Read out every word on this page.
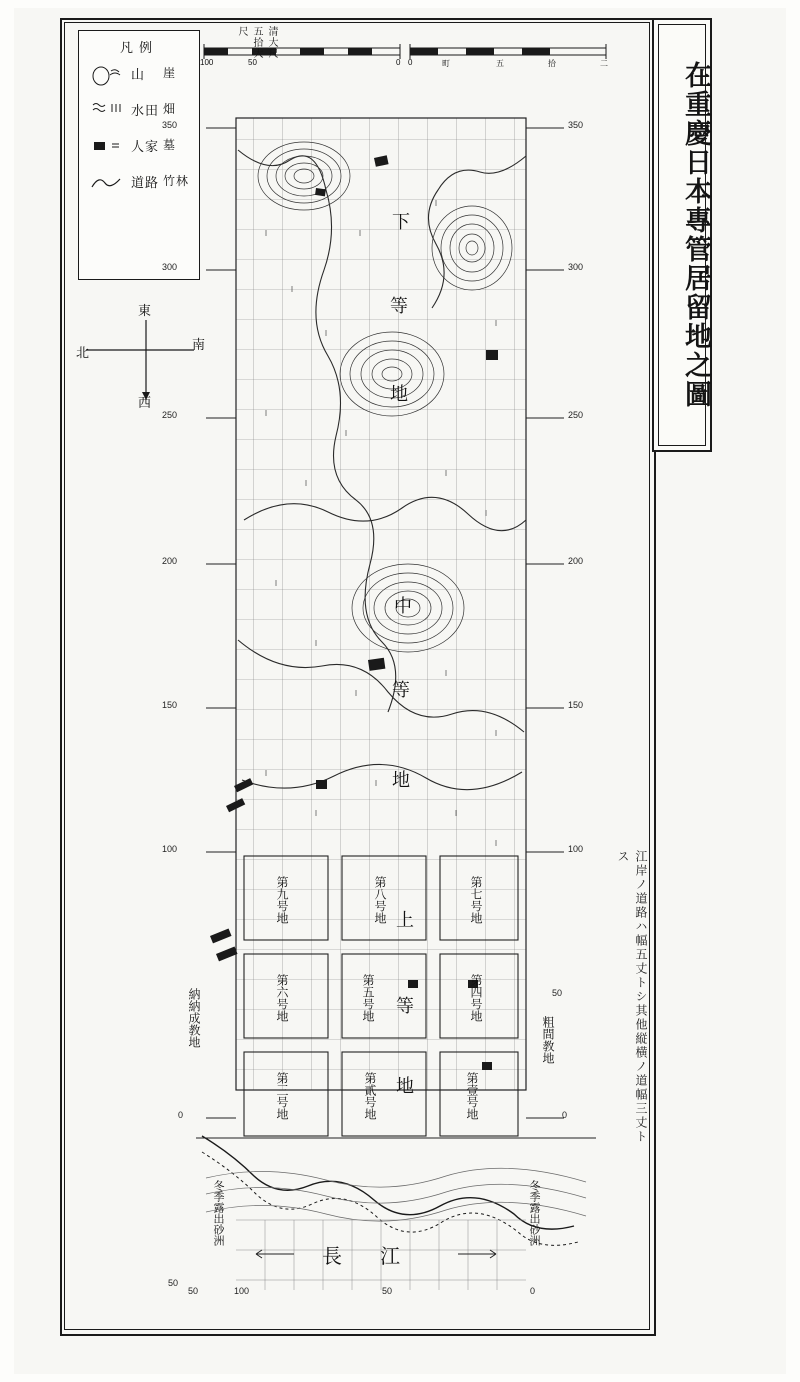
在重慶日本專管居留地之圖
凡例
山 崖
水田 畑
人家 墓
道路 竹林
北
南
東
西
清大尺五拾大尺
100	50	0 0	町	五	拾	二
350
300
250
200
150
100
0
50
350
300
250
200
150
100
50
0
下
等
地
中
等
地
上
等
地
第九号地	第八号地	第七号地
第六号地	第五号地	第四号地
第三号地	第貳号地	第壹号地
納納成教地	粗間教地
冬季露出砂洲	冬季露出砂洲
長江
50	100	50	0
江岸ノ道路ハ幅五丈トシ其他縦横ノ道幅三丈トス
